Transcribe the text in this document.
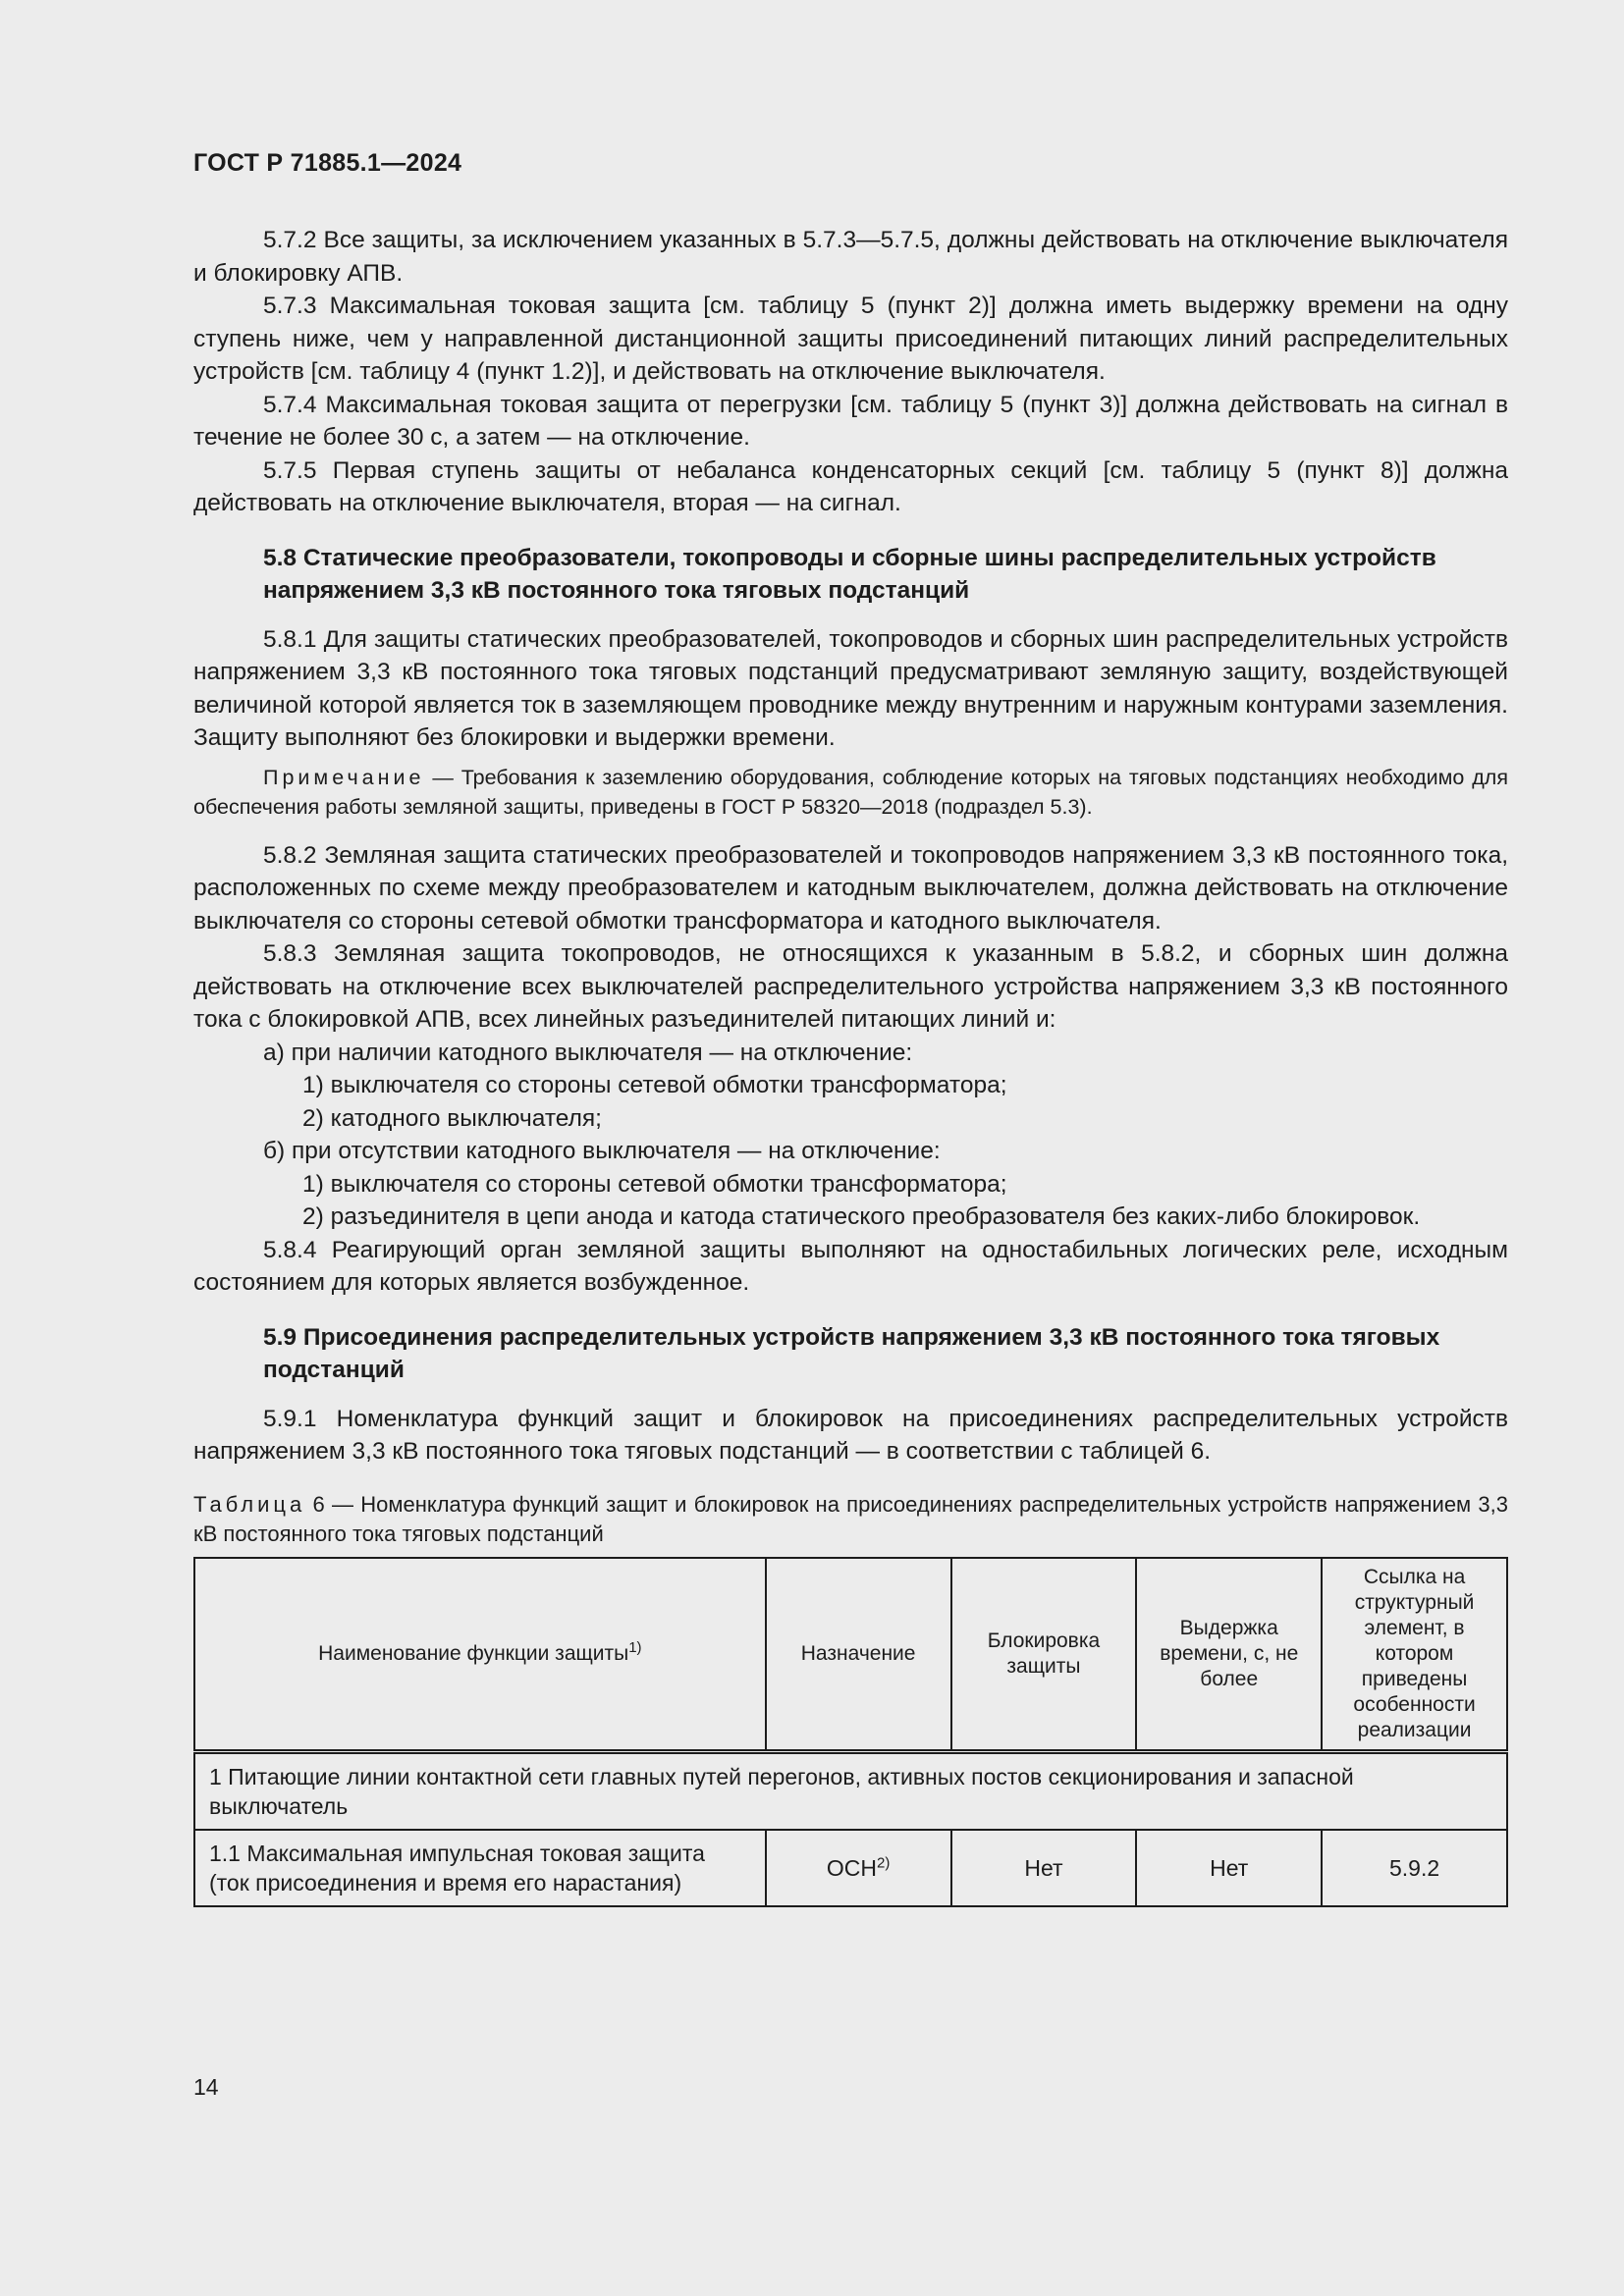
ГОСТ Р 71885.1—2024

5.7.2 Все защиты, за исключением указанных в 5.7.3—5.7.5, должны действовать на отключение выключателя и блокировку АПВ.

5.7.3 Максимальная токовая защита [см. таблицу 5 (пункт 2)] должна иметь выдержку времени на одну ступень ниже, чем у направленной дистанционной защиты присоединений питающих линий распределительных устройств [см. таблицу 4 (пункт 1.2)], и действовать на отключение выключателя.

5.7.4 Максимальная токовая защита от перегрузки [см. таблицу 5 (пункт 3)] должна действовать на сигнал в течение не более 30 с, а затем — на отключение.

5.7.5 Первая ступень защиты от небаланса конденсаторных секций [см. таблицу 5 (пункт 8)] должна действовать на отключение выключателя, вторая — на сигнал.

5.8 Статические преобразователи, токопроводы и сборные шины распределительных устройств напряжением 3,3 кВ постоянного тока тяговых подстанций

5.8.1 Для защиты статических преобразователей, токопроводов и сборных шин распределительных устройств напряжением 3,3 кВ постоянного тока тяговых подстанций предусматривают земляную защиту, воздействующей величиной которой является ток в заземляющем проводнике между внутренним и наружным контурами заземления. Защиту выполняют без блокировки и выдержки времени.

Примечание — Требования к заземлению оборудования, соблюдение которых на тяговых подстанциях необходимо для обеспечения работы земляной защиты, приведены в ГОСТ Р 58320—2018 (подраздел 5.3).

5.8.2 Земляная защита статических преобразователей и токопроводов напряжением 3,3 кВ постоянного тока, расположенных по схеме между преобразователем и катодным выключателем, должна действовать на отключение выключателя со стороны сетевой обмотки трансформатора и катодного выключателя.

5.8.3 Земляная защита токопроводов, не относящихся к указанным в 5.8.2, и сборных шин должна действовать на отключение всех выключателей распределительного устройства напряжением 3,3 кВ постоянного тока с блокировкой АПВ, всех линейных разъединителей питающих линий и:

а) при наличии катодного выключателя — на отключение:

1) выключателя со стороны сетевой обмотки трансформатора;

2) катодного выключателя;

б) при отсутствии катодного выключателя — на отключение:

1) выключателя со стороны сетевой обмотки трансформатора;

2) разъединителя в цепи анода и катода статического преобразователя без каких-либо блокировок.

5.8.4 Реагирующий орган земляной защиты выполняют на одностабильных логических реле, исходным состоянием для которых является возбужденное.

5.9 Присоединения распределительных устройств напряжением 3,3 кВ постоянного тока тяговых подстанций

5.9.1 Номенклатура функций защит и блокировок на присоединениях распределительных устройств напряжением 3,3 кВ постоянного тока тяговых подстанций — в соответствии с таблицей 6.

Таблица 6 — Номенклатура функций защит и блокировок на присоединениях распределительных устройств напряжением 3,3 кВ постоянного тока тяговых подстанций

Наименование функции защиты$^{1)}$	Назначение	Блокировка защиты	Выдержка времени, с, не более	Ссылка на структурный элемент, в котором приведены особенности реализации
1 Питающие линии контактной сети главных путей перегонов, активных постов секционирования и запасной выключатель				
1.1 Максимальная импульсная токовая защита (ток присоединения и время его нарастания)	ОСН$^{2)}$	Нет	Нет	5.9.2
14
